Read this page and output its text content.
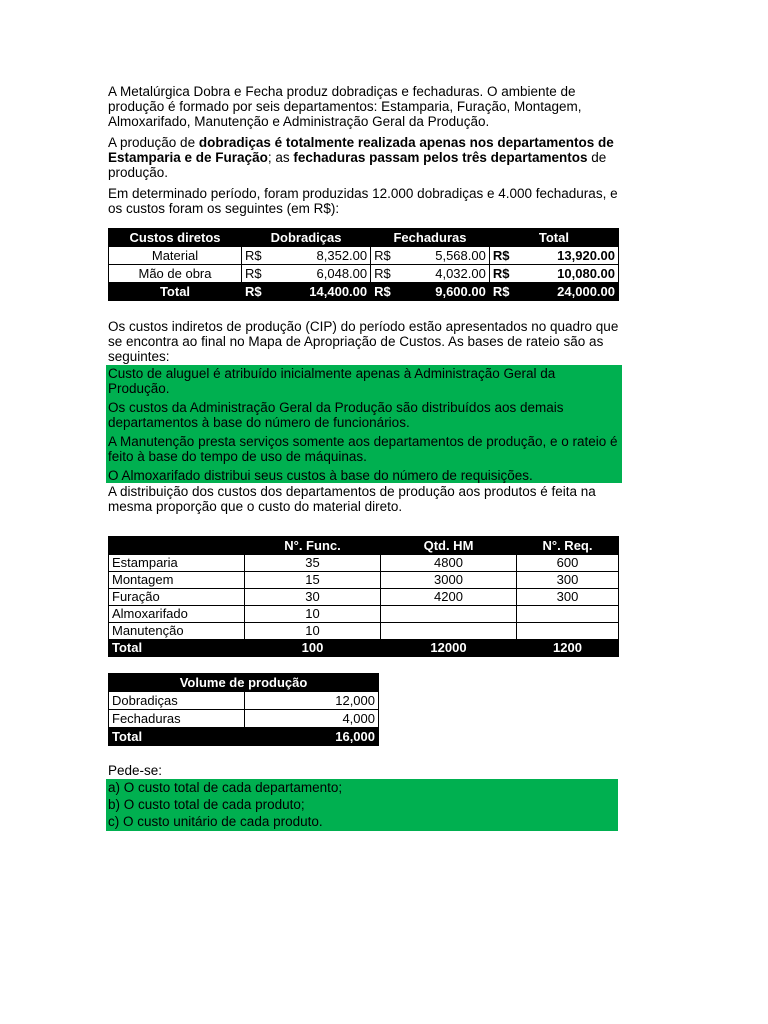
A Metalúrgica Dobra e Fecha produz dobradiças e fechaduras. O ambiente de produção é formado por seis departamentos: Estamparia, Furação, Montagem, Almoxarifado, Manutenção e Administração Geral da Produção.

A produção de dobradiças é totalmente realizada apenas nos departamentos de Estamparia e de Furação; as fechaduras passam pelos três departamentos de produção.

Em determinado período, foram produzidas 12.000 dobradiças e 4.000 fechaduras, e os custos foram os seguintes (em R$):

Custos diretos	Dobradiças		Fechaduras		Total	
Material	R$	8,352.00	R$	5,568.00	R$	13,920.00
Mão de obra	R$	6,048.00	R$	4,032.00	R$	10,080.00
Total	R$	14,400.00	R$	9,600.00	R$	24,000.00

Os custos indiretos de produção (CIP) do período estão apresentados no quadro que se encontra ao final no Mapa de Apropriação de Custos. As bases de rateio são as seguintes:

Custo de aluguel é atribuído inicialmente apenas à Administração Geral da Produção.

Os custos da Administração Geral da Produção são distribuídos aos demais departamentos à base do número de funcionários.

A Manutenção presta serviços somente aos departamentos de produção, e o rateio é feito à base do tempo de uso de máquinas.

O Almoxarifado distribui seus custos à base do número de requisições.

A distribuição dos custos dos departamentos de produção aos produtos é feita na mesma proporção que o custo do material direto.

	N°. Func.	Qtd. HM	N°. Req.
Estamparia	35	4800	600
Montagem	15	3000	300
Furação	30	4200	300
Almoxarifado	10		
Manutenção	10		
Total	100	12000	1200
Volume de produção	
Dobradiças	12,000
Fechaduras	4,000
Total	16,000

Pede-se:

a) O custo total de cada departamento;

b) O custo total de cada produto;

c) O custo unitário de cada produto.
